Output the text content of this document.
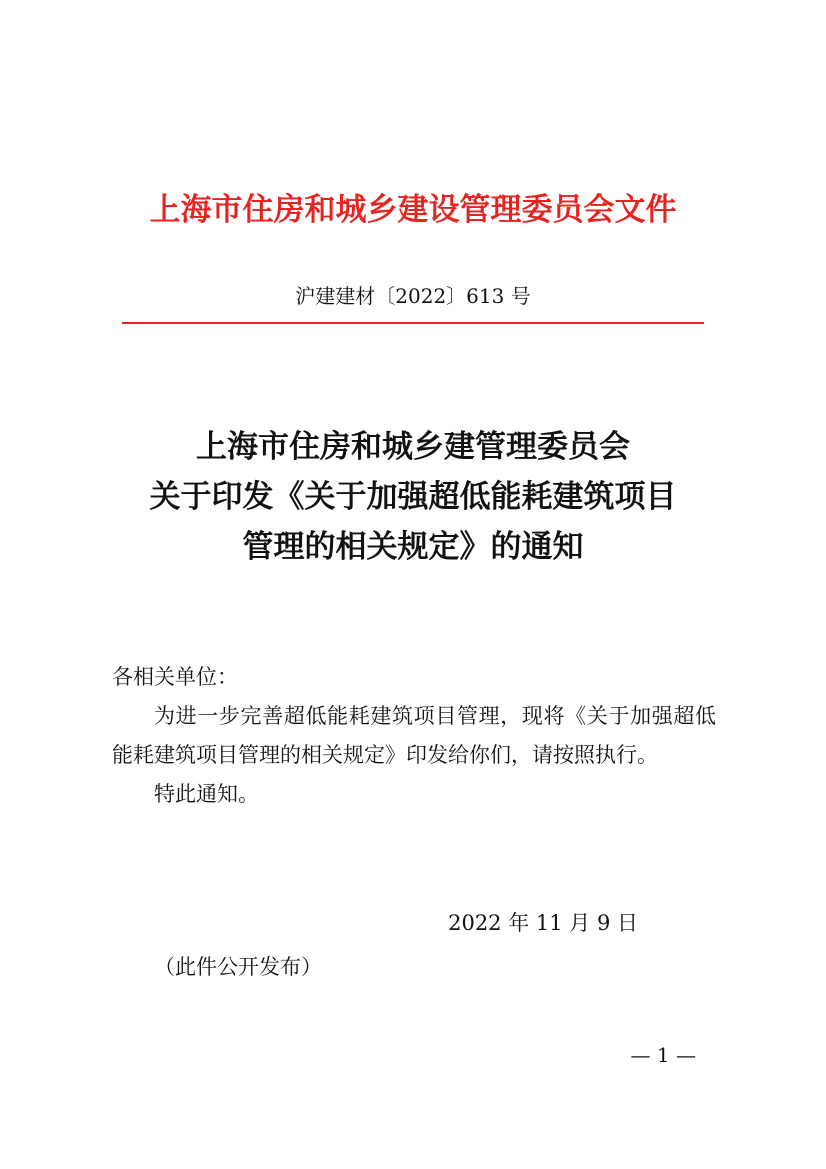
上海市住房和城乡建设管理委员会文件
沪建建材〔2022〕613 号
上海市住房和城乡建管理委员会
关于印发《关于加强超低能耗建筑项目
管理的相关规定》的通知
各相关单位：
为进一步完善超低能耗建筑项目管理，现将《关于加强超低能耗建筑项目管理的相关规定》印发给你们，请按照执行。
特此通知。
2022 年 11 月 9 日
（此件公开发布）
— 1 —
